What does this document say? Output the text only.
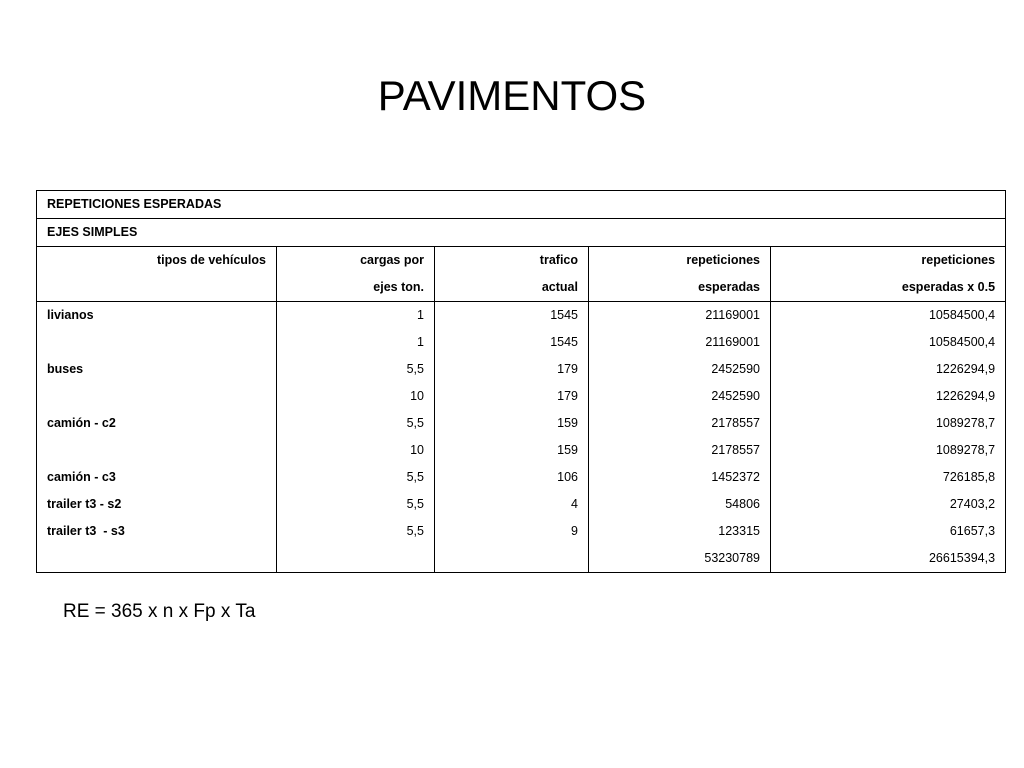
PAVIMENTOS
REPETICIONES ESPERADAS				
EJES SIMPLES				
tipos de vehículos	cargas por	trafico	repeticiones	repeticiones
	ejes ton.	actual	esperadas	esperadas x 0.5
livianos	1	1545	21169001	10584500,4
	1	1545	21169001	10584500,4
buses	5,5	179	2452590	1226294,9
	10	179	2452590	1226294,9
camión - c2	5,5	159	2178557	1089278,7
	10	159	2178557	1089278,7
camión - c3	5,5	106	1452372	726185,8
trailer t3 - s2	5,5	4	54806	27403,2
trailer t3  - s3	5,5	9	123315	61657,3
			53230789	26615394,3
RE = 365 x n x Fp x Ta
